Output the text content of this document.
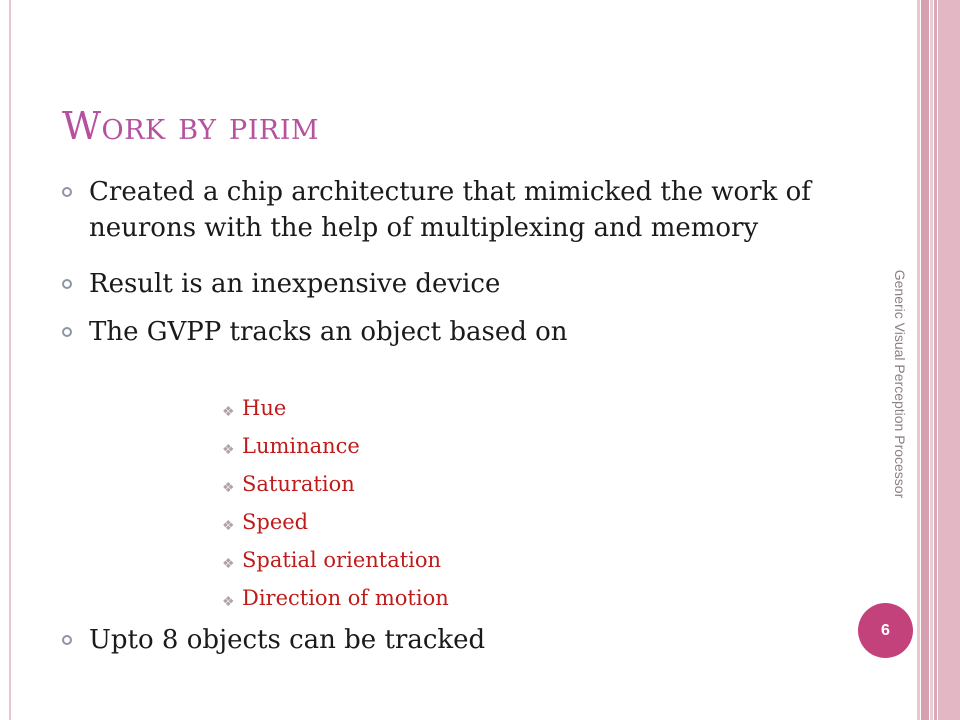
Work by pirim
Created a chip architecture that mimicked the work of neurons with the help of multiplexing and memory
Result is an inexpensive device
The GVPP tracks an object based on
❖ Hue
❖ Luminance
❖ Saturation
❖ Speed
❖ Spatial orientation
❖ Direction of motion
Upto 8 objects can be tracked
Generic Visual Perception Processor
6
